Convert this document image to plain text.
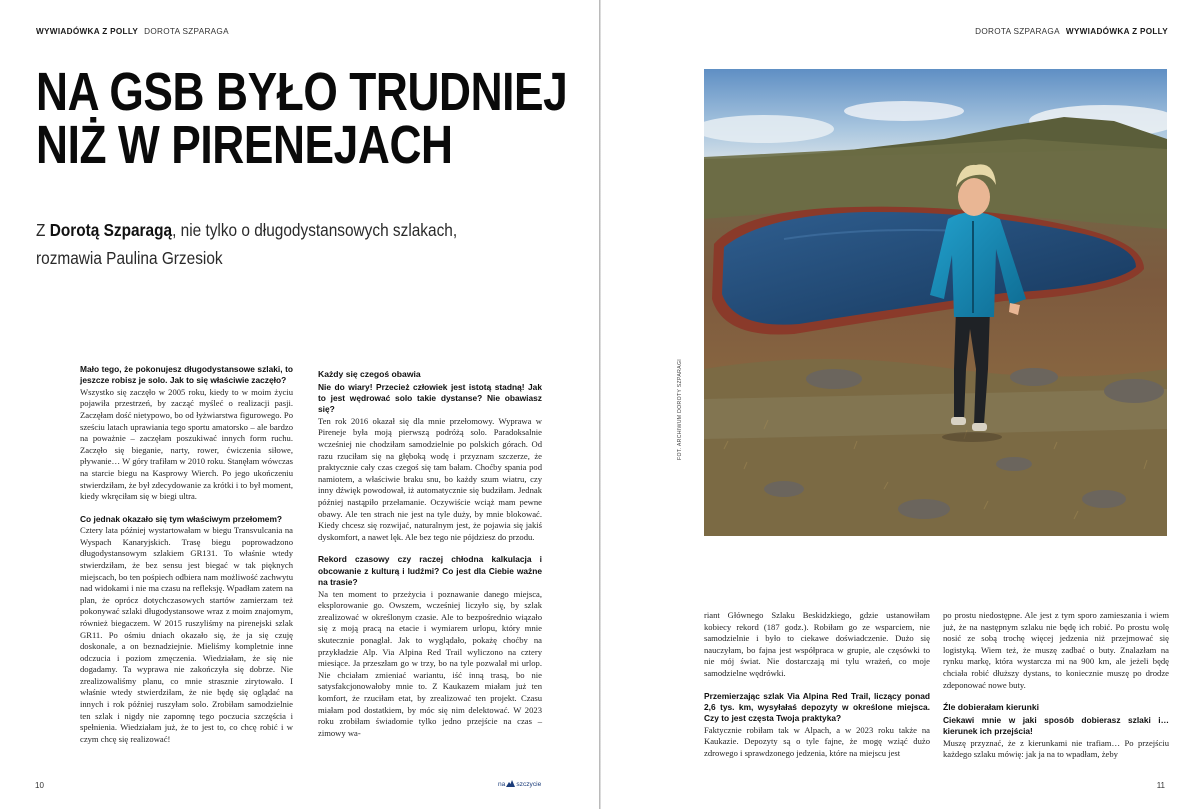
WYWIADÓWKA Z POLLY DOROTA SZPARAGA
NA GSB BYŁO TRUDNIEJ
NIŻ W PIRENEJACH
Z Dorotą Szparagą, nie tylko o długodystansowych szlakach,
rozmawia Paulina Grzesiok

Mało tego, że pokonujesz długodystansowe szlaki, to jeszcze robisz je solo. Jak to się właściwie zaczęło?

Wszystko się zaczęło w 2005 roku, kiedy to w moim życiu pojawiła przestrzeń, by zacząć myśleć o realizacji pasji. Zaczęłam dość nietypowo, bo od łyżwiarstwa figurowego. Po sześciu latach uprawiania tego sportu amatorsko – ale bardzo na poważnie – zaczęłam poszukiwać innych form ruchu. Zaczęło się bieganie, narty, rower, ćwiczenia siłowe, pływanie… W góry trafiłam w 2010 roku. Stanęłam wówczas na starcie biegu na Kasprowy Wierch. Po jego ukończeniu stwierdziłam, że był zdecydowanie za krótki i to był moment, kiedy wkręciłam się w biegi ultra.

Co jednak okazało się tym właściwym przełomem?

Cztery lata później wystartowałam w biegu Transvulcania na Wyspach Kanaryjskich. Trasę biegu poprowadzono długodystansowym szlakiem GR131. To właśnie wtedy stwierdziłam, że bez sensu jest biegać w tak pięknych miejscach, bo ten pośpiech odbiera nam możliwość zachwytu nad widokami i nie ma czasu na refleksję. Wpadłam zatem na plan, że oprócz dotychczasowych startów zamierzam też pokonywać szlaki długodystansowe wraz z moim znajomym, również biegaczem. W 2015 ruszyliśmy na pirenejski szlak GR11. Po ośmiu dniach okazało się, że ja się czuję doskonale, a on beznadziejnie. Mieliśmy kompletnie inne odczucia i poziom zmęczenia. Wiedziałam, że się nie dogadamy. Ta wyprawa nie zakończyła się dobrze. Nie zrealizowaliśmy planu, co mnie strasznie zirytowało. I właśnie wtedy stwierdziłam, że nie będę się oglądać na innych i rok później ruszyłam solo. Zrobiłam samodzielnie ten szlak i nigdy nie zapomnę tego poczucia szczęścia i spełnienia. Wiedziałam już, że to jest to, co chcę robić i w czym chcę się realizować!

Każdy się czegoś obawia

Nie do wiary! Przecież człowiek jest istotą stadną! Jak to jest wędrować solo takie dystanse? Nie obawiasz się?

Ten rok 2016 okazał się dla mnie przełomowy. Wyprawa w Pireneje była moją pierwszą podróżą solo. Paradoksalnie wcześniej nie chodziłam samodzielnie po polskich górach. Od razu rzuciłam się na głęboką wodę i przyznam szczerze, że praktycznie cały czas czegoś się tam bałam. Choćby spania pod namiotem, a właściwie braku snu, bo każdy szum wiatru, czy inny dźwięk powodował, iż automatycznie się budziłam. Jednak później nastąpiło przełamanie. Oczywiście wciąż mam pewne obawy. Ale ten strach nie jest na tyle duży, by mnie blokować. Kiedy chcesz się rozwijać, naturalnym jest, że pojawia się jakiś dyskomfort, a nawet lęk. Ale bez tego nie pójdziesz do przodu.

Rekord czasowy czy raczej chłodna kalkulacja i obcowanie z kulturą i ludźmi? Co jest dla Ciebie ważne na trasie?

Na ten moment to przeżycia i poznawanie danego miejsca, eksplorowanie go. Owszem, wcześniej liczyło się, by szlak zrealizować w określonym czasie. Ale to bezpośrednio wiązało się z moją pracą na etacie i wymiarem urlopu, który mnie skutecznie ponaglał. Jak to wyglądało, pokażę choćby na przykładzie Alp. Via Alpina Red Trail wyliczono na cztery miesiące. Ja przeszłam go w trzy, bo na tyle pozwalał mi urlop. Nie chciałam zmieniać wariantu, iść inną trasą, bo nie satysfakcjonowałoby mnie to. Z Kaukazem miałam już ten komfort, że rzuciłam etat, by zrealizować ten projekt. Czasu miałam pod dostatkiem, by móc się nim delektować. W 2023 roku zrobiłam świadomie tylko jedno przejście na czas – zimowy wa-

10	na szczycie
DOROTA SZPARAGA WYWIADÓWKA Z POLLY
FOT. ARCHIWUM DOROTY SZPARAGI

riant Głównego Szlaku Beskidzkiego, gdzie ustanowiłam kobiecy rekord (187 godz.). Robiłam go ze wsparciem, nie samodzielnie i było to ciekawe doświadczenie. Dużo się nauczyłam, bo fajna jest współpraca w grupie, ale częsówki to nie mój świat. Nie dostarczają mi tylu wrażeń, co moje samodzielne wędrówki.

Przemierzając szlak Via Alpina Red Trail, liczący ponad 2,6 tys. km, wysyłałaś depozyty w określone miejsca. Czy to jest częsta Twoja praktyka?

Faktycznie robiłam tak w Alpach, a w 2023 roku także na Kaukazie. Depozyty są o tyle fajne, że mogę wziąć dużo zdrowego i sprawdzonego jedzenia, które na miejscu jest

po prostu niedostępne. Ale jest z tym sporo zamieszania i wiem już, że na następnym szlaku nie będę ich robić. Po prostu wolę nosić ze sobą trochę więcej jedzenia niż przejmować się logistyką. Wiem też, że muszę zadbać o buty. Znalazłam na rynku markę, która wystarcza mi na 900 km, ale jeżeli będę chciała robić dłuższy dystans, to koniecznie muszę po drodze zdeponować nowe buty.

Źle dobierałam kierunki

Ciekawi mnie w jaki sposób dobierasz szlaki i… kierunek ich przejścia!

Muszę przyznać, że z kierunkami nie trafiam… Po przejściu każdego szlaku mówię: jak ja na to wpadłam, żeby

11
